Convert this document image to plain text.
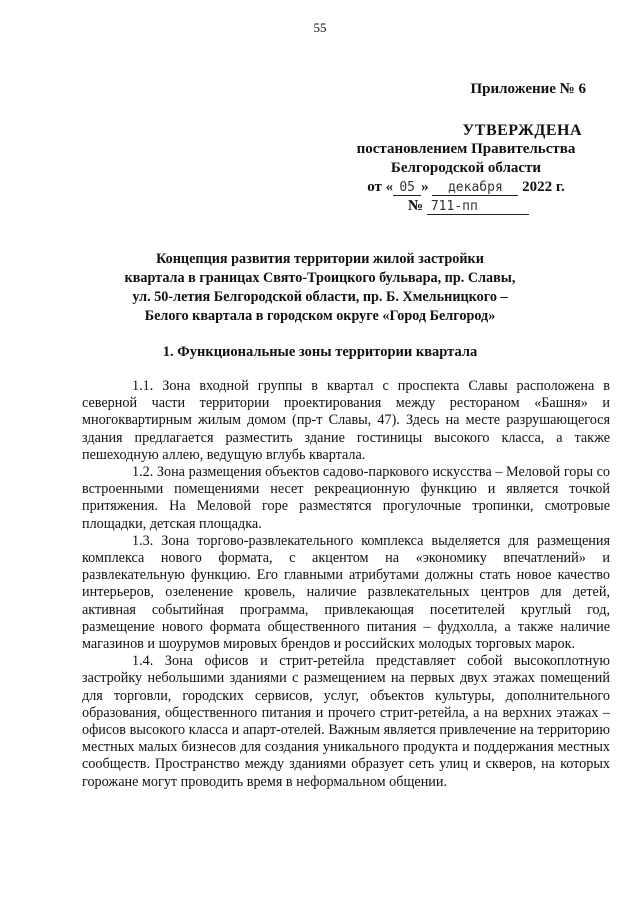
55
Приложение № 6
УТВЕРЖДЕНА
постановлением Правительства
Белгородской области
от « 05 » декабря 2022 г.
№ 711-пп
Концепция развития территории жилой застройки
квартала в границах Свято-Троицкого бульвара, пр. Славы,
ул. 50-летия Белгородской области, пр. Б. Хмельницкого –
Белого квартала в городском округе «Город Белгород»
1. Функциональные зоны территории квартала

1.1. Зона входной группы в квартал с проспекта Славы расположена в северной части территории проектирования между рестораном «Башня» и многоквартирным жилым домом (пр-т Славы, 47). Здесь на месте разрушающегося здания предлагается разместить здание гостиницы высокого класса, а также пешеходную аллею, ведущую вглубь квартала.

1.2. Зона размещения объектов садово-паркового искусства – Меловой горы со встроенными помещениями несет рекреационную функцию и является точкой притяжения. На Меловой горе разместятся прогулочные тропинки, смотровые площадки, детская площадка.

1.3. Зона торгово-развлекательного комплекса выделяется для размещения комплекса нового формата, с акцентом на «экономику впечатлений» и развлекательную функцию. Его главными атрибутами должны стать новое качество интерьеров, озеленение кровель, наличие развлекательных центров для детей, активная событийная программа, привлекающая посетителей круглый год, размещение нового формата общественного питания – фудхолла, а также наличие магазинов и шоурумов мировых брендов и российских молодых торговых марок.

1.4. Зона офисов и стрит-ретейла представляет собой высокоплотную застройку небольшими зданиями с размещением на первых двух этажах помещений для торговли, городских сервисов, услуг, объектов культуры, дополнительного образования, общественного питания и прочего стрит-ретейла, а на верхних этажах – офисов высокого класса и апарт-отелей. Важным является привлечение на территорию местных малых бизнесов для создания уникального продукта и поддержания местных сообществ. Пространство между зданиями образует сеть улиц и скверов, на которых горожане могут проводить время в неформальном общении.
